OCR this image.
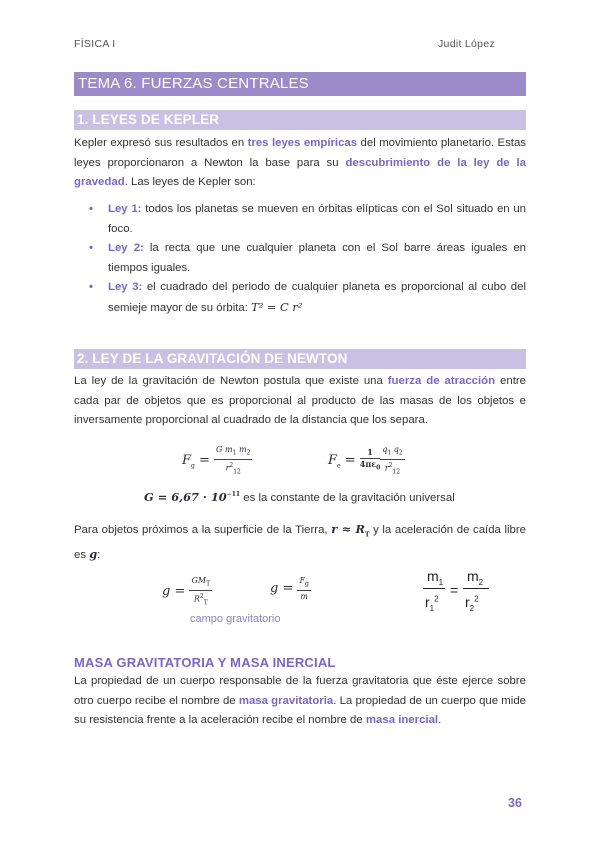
FÍSICA I	Judit López
TEMA 6. FUERZAS CENTRALES
1. LEYES DE KEPLER
Kepler expresó sus resultados en tres leyes empíricas del movimiento planetario. Estas leyes proporcionaron a Newton la base para su descubrimiento de la ley de la gravedad. Las leyes de Kepler son:
• Ley 1: todos los planetas se mueven en órbitas elípticas con el Sol situado en un foco.
• Ley 2: la recta que une cualquier planeta con el Sol barre áreas iguales en tiempos iguales.
• Ley 3: el cuadrado del periodo de cualquier planeta es proporcional al cubo del semieje mayor de su órbita: T² = C r²
2. LEY DE LA GRAVITACIÓN DE NEWTON
La ley de la gravitación de Newton postula que existe una fuerza de atracción entre cada par de objetos que es proporcional al producto de las masas de los objetos e inversamente proporcional al cuadrado de la distancia que los separa.
$F_g = \frac{G m_1 m_2}{r^2_{12}}$	$F_e = \frac{1}{4\pi\varepsilon_0} \frac{q_1 q_2}{r^2_{12}}$
$G = 6,67 \cdot 10^{-11}$ es la constante de la gravitación universal
Para objetos próximos a la superficie de la Tierra, $r \approx R_T$ y la aceleración de caída libre es g:
$g = \frac{GM_T}{R^2_T}$	$g = \frac{F_g}{m}$	$m_1$ $m_2$
=
$r_1^2$ $r_2^2$
campo gravitatorio
MASA GRAVITATORIA Y MASA INERCIAL
La propiedad de un cuerpo responsable de la fuerza gravitatoria que éste ejerce sobre otro cuerpo recibe el nombre de masa gravitatoria. La propiedad de un cuerpo que mide su resistencia frente a la aceleración recibe el nombre de masa inercial.
36
